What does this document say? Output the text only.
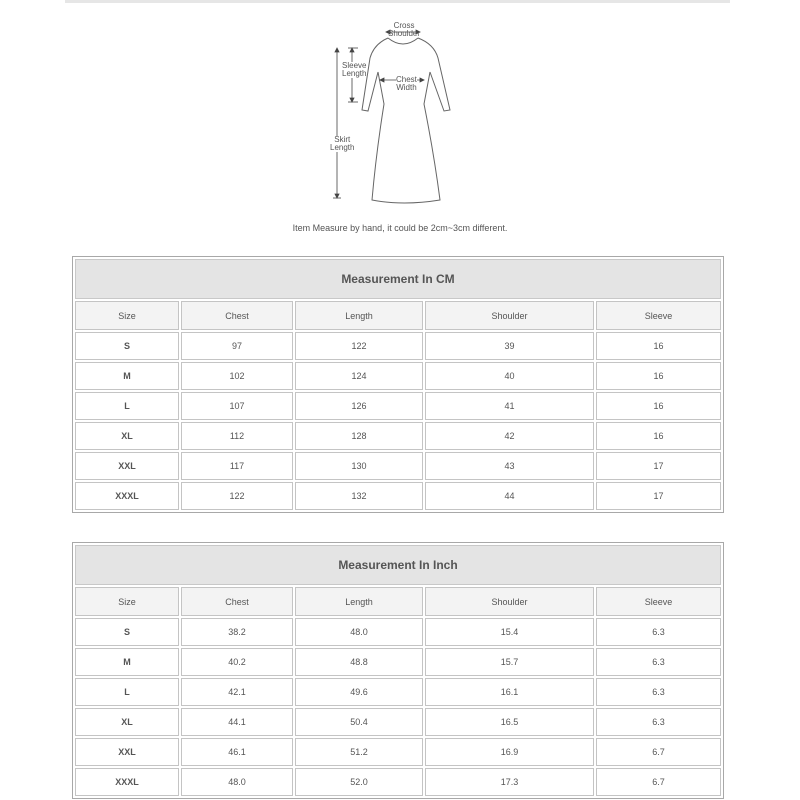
Cross
Shoulder
Sleeve
Length
Chest
Width
Skirt
Length
Item Measure by hand, it could be 2cm~3cm different.
Measurement In CM
Size	Chest	Length	Shoulder	Sleeve
S	97	122	39	16
M	102	124	40	16
L	107	126	41	16
XL	112	128	42	16
XXL	117	130	43	17
XXXL	122	132	44	17
Measurement In Inch
Size	Chest	Length	Shoulder	Sleeve
S	38.2	48.0	15.4	6.3
M	40.2	48.8	15.7	6.3
L	42.1	49.6	16.1	6.3
XL	44.1	50.4	16.5	6.3
XXL	46.1	51.2	16.9	6.7
XXXL	48.0	52.0	17.3	6.7
